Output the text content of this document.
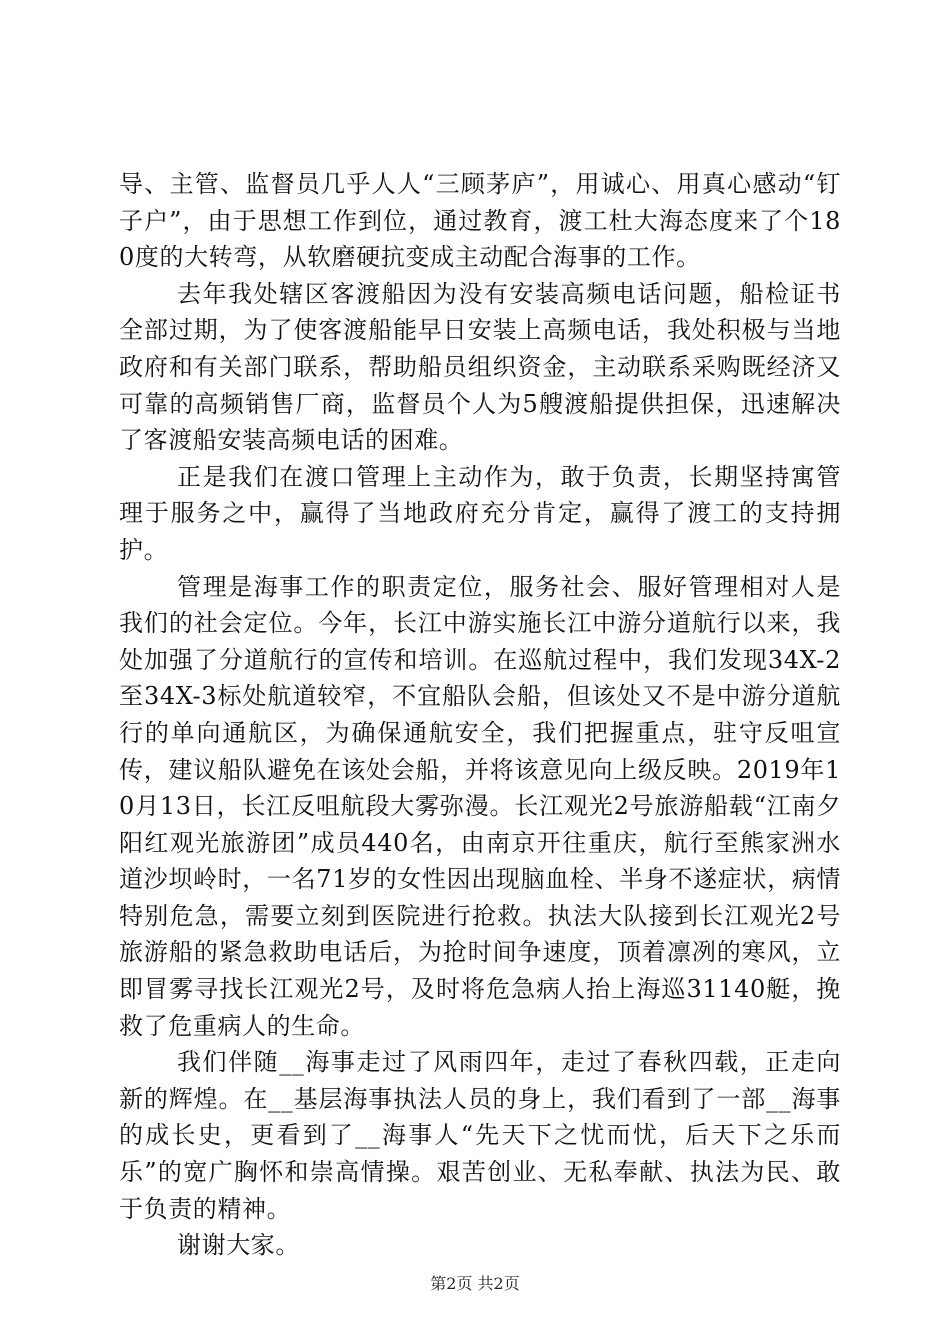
导、主管、监督员几乎人人“三顾茅庐”，用诚心、用真心感动“钉子户”，由于思想工作到位，通过教育，渡工杜大海态度来了个180度的大转弯，从软磨硬抗变成主动配合海事的工作。

去年我处辖区客渡船因为没有安装高频电话问题，船检证书全部过期，为了使客渡船能早日安装上高频电话，我处积极与当地政府和有关部门联系，帮助船员组织资金，主动联系采购既经济又可靠的高频销售厂商，监督员个人为5艘渡船提供担保，迅速解决了客渡船安装高频电话的困难。

正是我们在渡口管理上主动作为，敢于负责，长期坚持寓管理于服务之中，赢得了当地政府充分肯定，赢得了渡工的支持拥护。

管理是海事工作的职责定位，服务社会、服好管理相对人是我们的社会定位。今年，长江中游实施长江中游分道航行以来，我处加强了分道航行的宣传和培训。在巡航过程中，我们发现34X-2至34X-3标处航道较窄，不宜船队会船，但该处又不是中游分道航行的单向通航区，为确保通航安全，我们把握重点，驻守反咀宣传，建议船队避免在该处会船，并将该意见向上级反映。2019年10月13日，长江反咀航段大雾弥漫。长江观光2号旅游船载“江南夕阳红观光旅游团”成员440名，由南京开往重庆，航行至熊家洲水道沙坝岭时，一名71岁的女性因出现脑血栓、半身不遂症状，病情特别危急，需要立刻到医院进行抢救。执法大队接到长江观光2号旅游船的紧急救助电话后，为抢时间争速度，顶着凛冽的寒风，立即冒雾寻找长江观光2号，及时将危急病人抬上海巡31140艇，挽救了危重病人的生命。

我们伴随__海事走过了风雨四年，走过了春秋四载，正走向新的辉煌。在__基层海事执法人员的身上，我们看到了一部__海事的成长史，更看到了__海事人“先天下之忧而忧，后天下之乐而乐”的宽广胸怀和崇高情操。艰苦创业、无私奉献、执法为民、敢于负责的精神。

谢谢大家。

第2页 共2页
